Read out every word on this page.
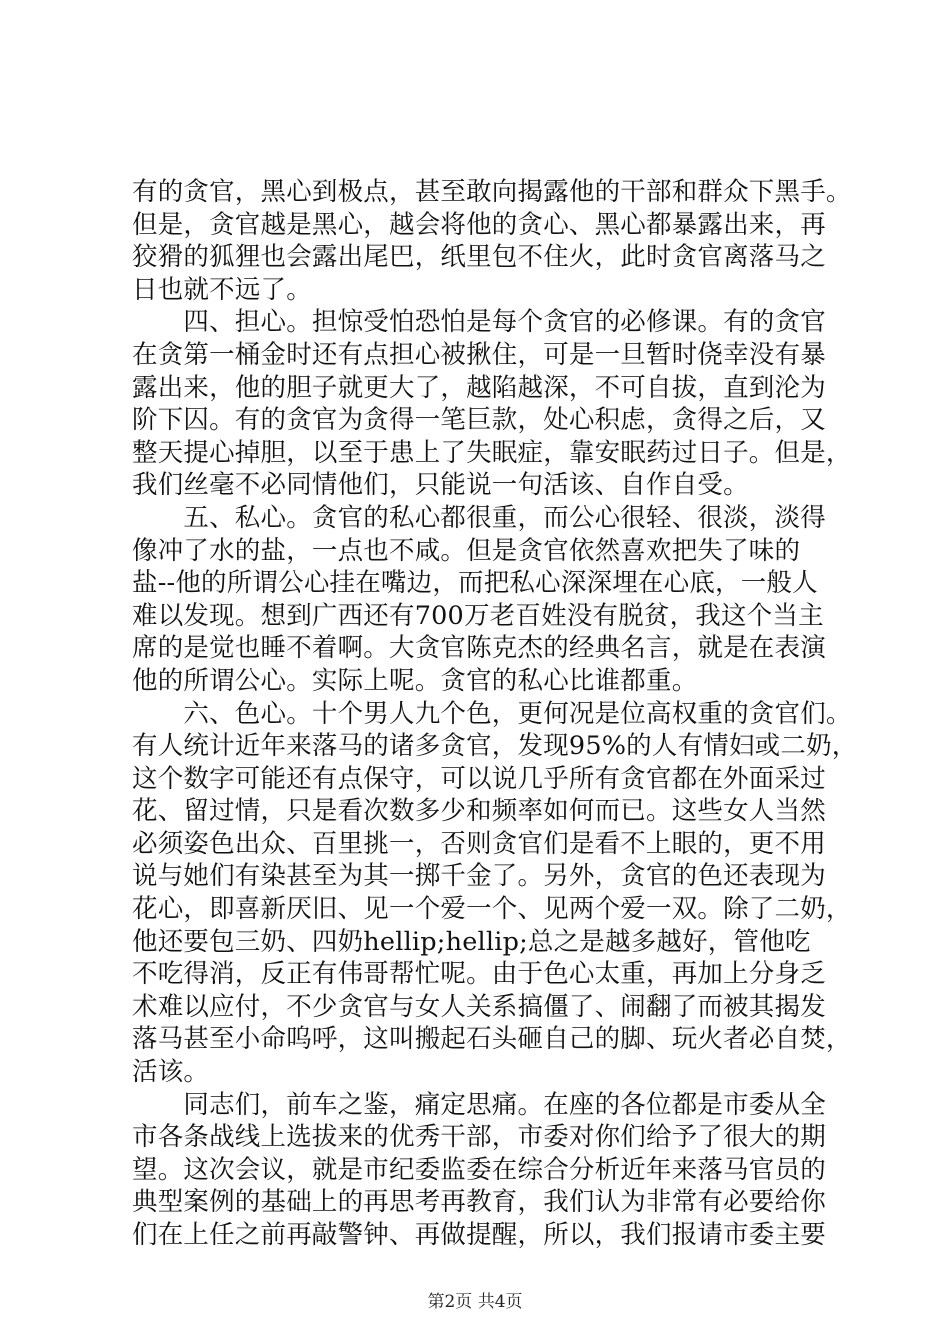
有的贪官，黑心到极点，甚至敢向揭露他的干部和群众下黑手。
但是，贪官越是黑心，越会将他的贪心、黑心都暴露出来，再
狡猾的狐狸也会露出尾巴，纸里包不住火，此时贪官离落马之
日也就不远了。
　　四、担心。担惊受怕恐怕是每个贪官的必修课。有的贪官
在贪第一桶金时还有点担心被揪住，可是一旦暂时侥幸没有暴
露出来，他的胆子就更大了，越陷越深，不可自拔，直到沦为
阶下囚。有的贪官为贪得一笔巨款，处心积虑，贪得之后，又
整天提心掉胆，以至于患上了失眠症，靠安眠药过日子。但是，
我们丝毫不必同情他们，只能说一句活该、自作自受。
　　五、私心。贪官的私心都很重，而公心很轻、很淡，淡得
像冲了水的盐，一点也不咸。但是贪官依然喜欢把失了味的
盐--他的所谓公心挂在嘴边，而把私心深深埋在心底，一般人
难以发现。想到广西还有700万老百姓没有脱贫，我这个当主
席的是觉也睡不着啊。大贪官陈克杰的经典名言，就是在表演
他的所谓公心。实际上呢。贪官的私心比谁都重。
　　六、色心。十个男人九个色，更何况是位高权重的贪官们。
有人统计近年来落马的诸多贪官，发现95%的人有情妇或二奶，
这个数字可能还有点保守，可以说几乎所有贪官都在外面采过
花、留过情，只是看次数多少和频率如何而已。这些女人当然
必须姿色出众、百里挑一，否则贪官们是看不上眼的，更不用
说与她们有染甚至为其一掷千金了。另外，贪官的色还表现为
花心，即喜新厌旧、见一个爱一个、见两个爱一双。除了二奶，
他还要包三奶、四奶hellip;hellip;总之是越多越好，管他吃
不吃得消，反正有伟哥帮忙呢。由于色心太重，再加上分身乏
术难以应付，不少贪官与女人关系搞僵了、闹翻了而被其揭发
落马甚至小命呜呼，这叫搬起石头砸自己的脚、玩火者必自焚，
活该。
　　同志们，前车之鉴，痛定思痛。在座的各位都是市委从全
市各条战线上选拔来的优秀干部，市委对你们给予了很大的期
望。这次会议，就是市纪委监委在综合分析近年来落马官员的
典型案例的基础上的再思考再教育，我们认为非常有必要给你
们在上任之前再敲警钟、再做提醒，所以，我们报请市委主要
第2页 共4页
